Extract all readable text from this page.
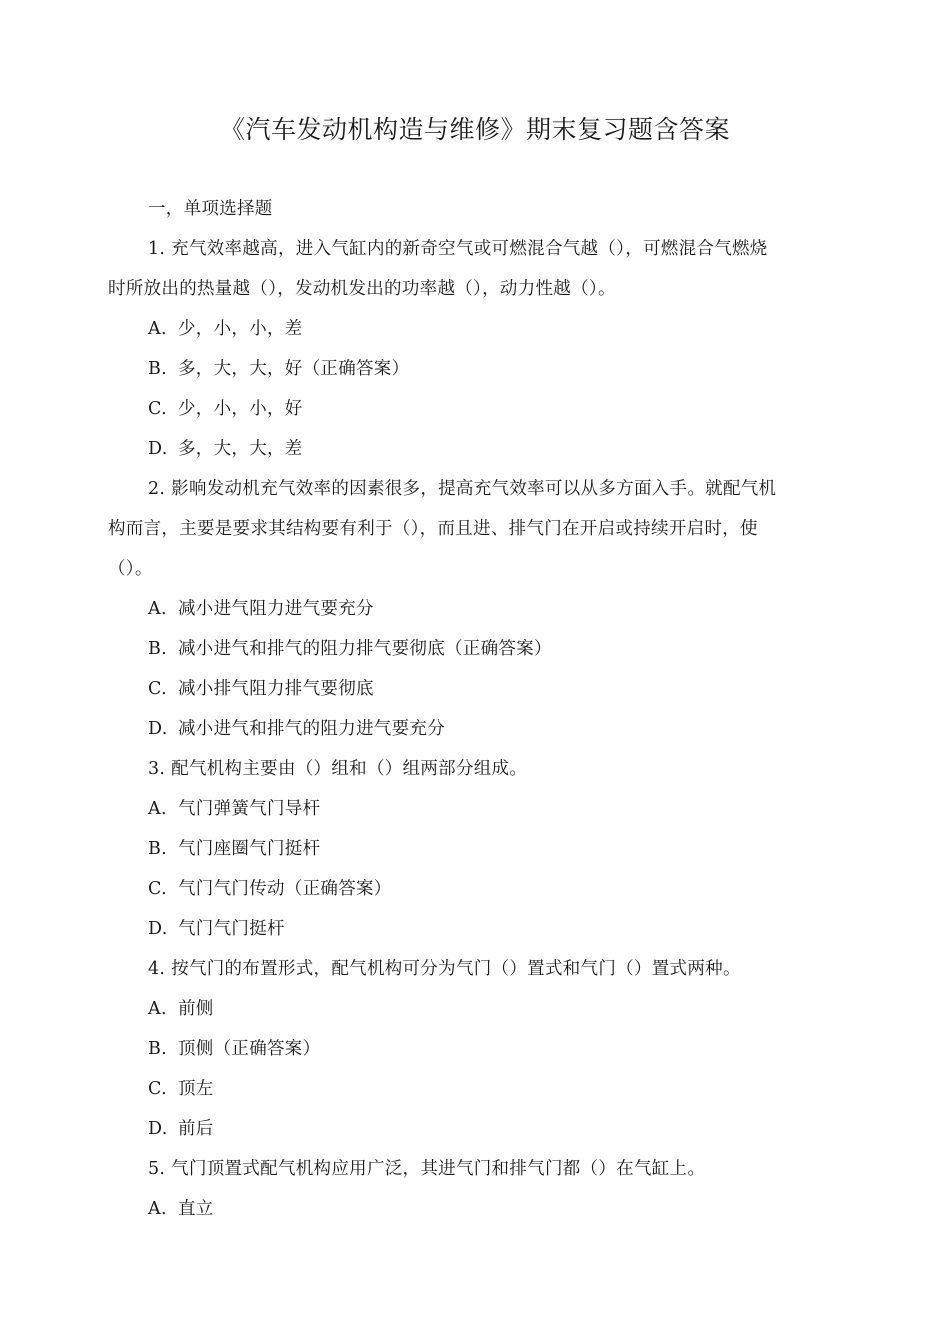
《汽车发动机构造与维修》期末复习题含答案
一，单项选择题
1. 充气效率越高，进入气缸内的新奇空气或可燃混合气越（），可燃混合气燃烧
时所放出的热量越（），发动机发出的功率越（），动力性越（）。
A. 少，小，小，差
B. 多，大，大，好（正确答案）
C. 少，小，小，好
D. 多，大，大，差
2. 影响发动机充气效率的因素很多，提高充气效率可以从多方面入手。就配气机
构而言，主要是要求其结构要有利于（），而且进、排气门在开启或持续开启时，使
（）。
A. 减小进气阻力进气要充分
B. 减小进气和排气的阻力排气要彻底（正确答案）
C. 减小排气阻力排气要彻底
D. 减小进气和排气的阻力进气要充分
3. 配气机构主要由（）组和（）组两部分组成。
A. 气门弹簧气门导杆
B. 气门座圈气门挺杆
C. 气门气门传动（正确答案）
D. 气门气门挺杆
4. 按气门的布置形式，配气机构可分为气门（）置式和气门（）置式两种。
A. 前侧
B. 顶侧（正确答案）
C. 顶左
D. 前后
5. 气门顶置式配气机构应用广泛，其进气门和排气门都（）在气缸上。
A. 直立
